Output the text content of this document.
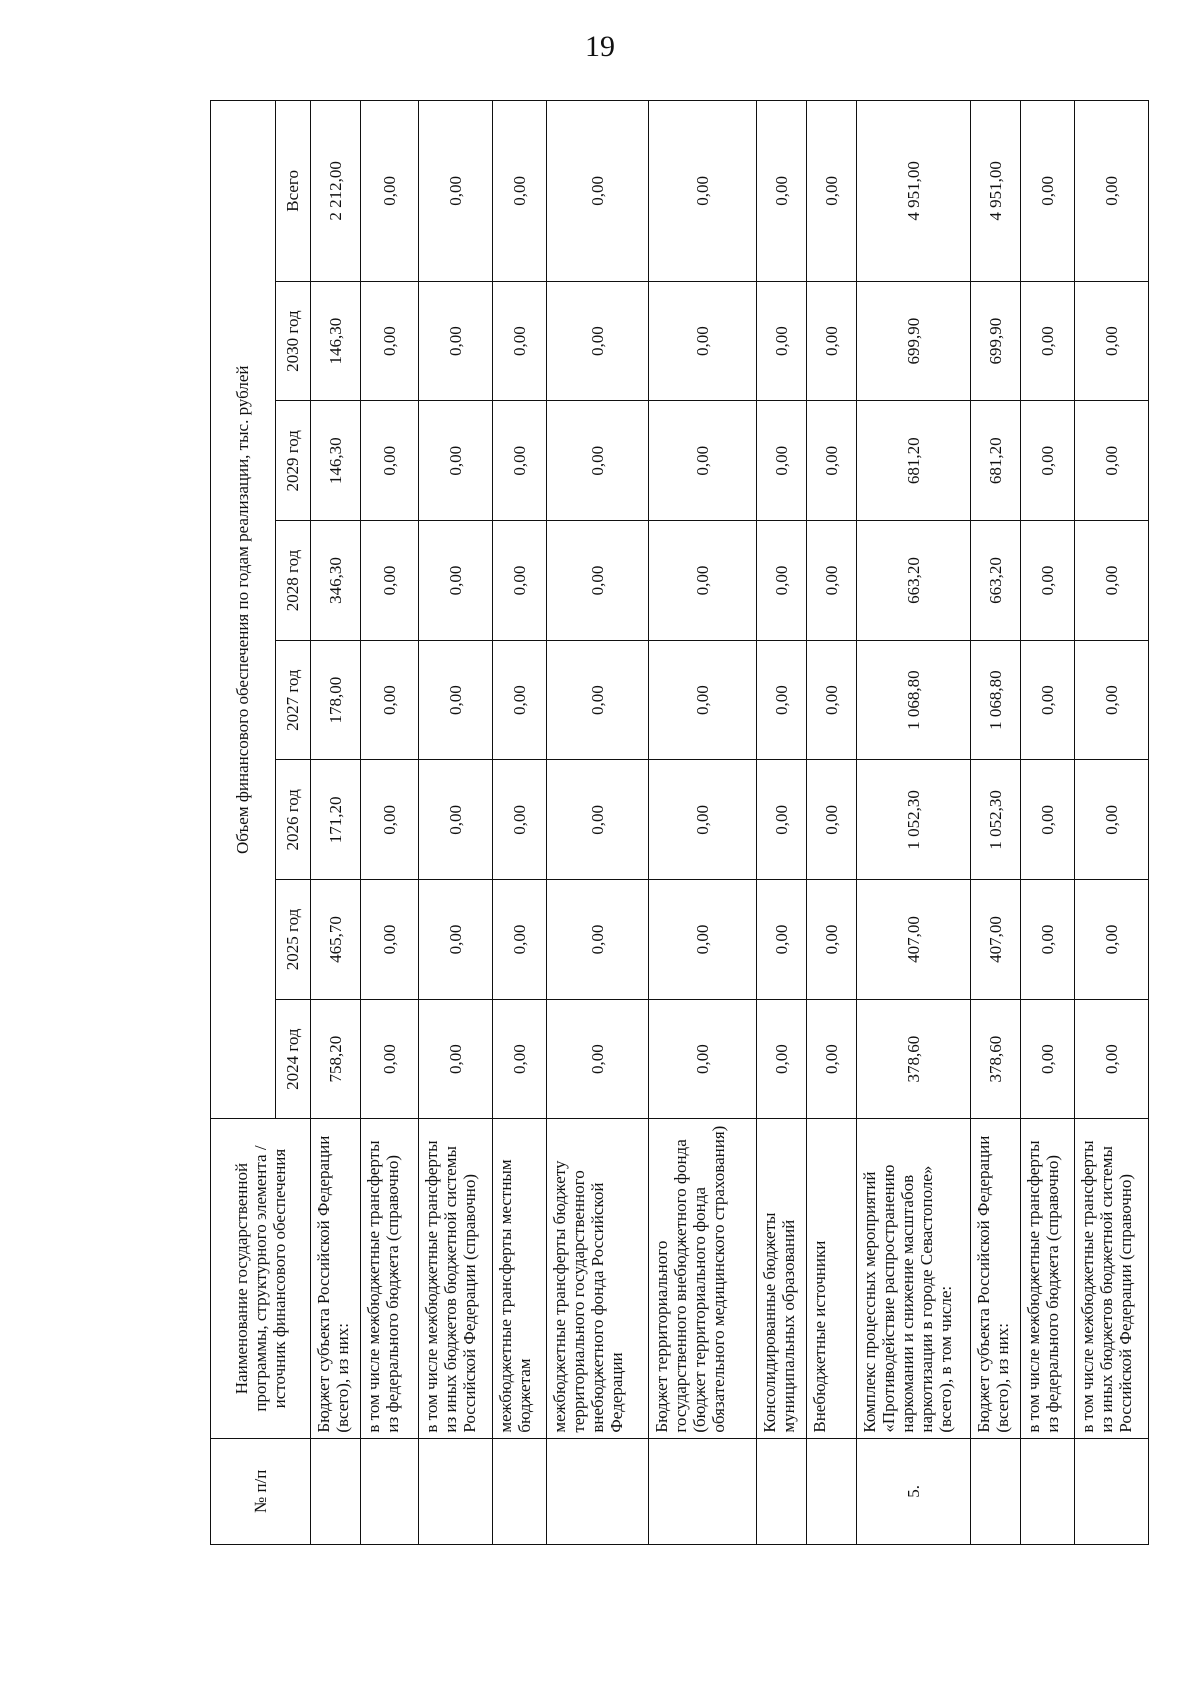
19
№ п/п	Наименование государственной программы, структурного элемента / источник финансового обеспечения	Объем финансового обеспечения по годам реализации, тыс. рублей							
		2024 год	2025 год	2026 год	2027 год	2028 год	2029 год	2030 год	Всего
	Бюджет субъекта Российской Федерации (всего), из них:	758,20	465,70	171,20	178,00	346,30	146,30	146,30	2 212,00
	в том числе межбюджетные трансферты из федерального бюджета (справочно)	0,00	0,00	0,00	0,00	0,00	0,00	0,00	0,00
	в том числе межбюджетные трансферты из иных бюджетов бюджетной системы Российской Федерации (справочно)	0,00	0,00	0,00	0,00	0,00	0,00	0,00	0,00
	межбюджетные трансферты местным бюджетам	0,00	0,00	0,00	0,00	0,00	0,00	0,00	0,00
	межбюджетные трансферты бюджету территориального государственного внебюджетного фонда Российской Федерации	0,00	0,00	0,00	0,00	0,00	0,00	0,00	0,00
	Бюджет территориального государственного внебюджетного фонда (бюджет территориального фонда обязательного медицинского страхования)	0,00	0,00	0,00	0,00	0,00	0,00	0,00	0,00
	Консолидированные бюджеты муниципальных образований	0,00	0,00	0,00	0,00	0,00	0,00	0,00	0,00
	Внебюджетные источники	0,00	0,00	0,00	0,00	0,00	0,00	0,00	0,00
5.	Комплекс процессных мероприятий «Противодействие распространению наркомании и снижение масштабов наркотизации в городе Севастополе» (всего), в том числе:	378,60	407,00	1 052,30	1 068,80	663,20	681,20	699,90	4 951,00
	Бюджет субъекта Российской Федерации (всего), из них:	378,60	407,00	1 052,30	1 068,80	663,20	681,20	699,90	4 951,00
	в том числе межбюджетные трансферты из федерального бюджета (справочно)	0,00	0,00	0,00	0,00	0,00	0,00	0,00	0,00
	в том числе межбюджетные трансферты из иных бюджетов бюджетной системы Российской Федерации (справочно)	0,00	0,00	0,00	0,00	0,00	0,00	0,00	0,00
